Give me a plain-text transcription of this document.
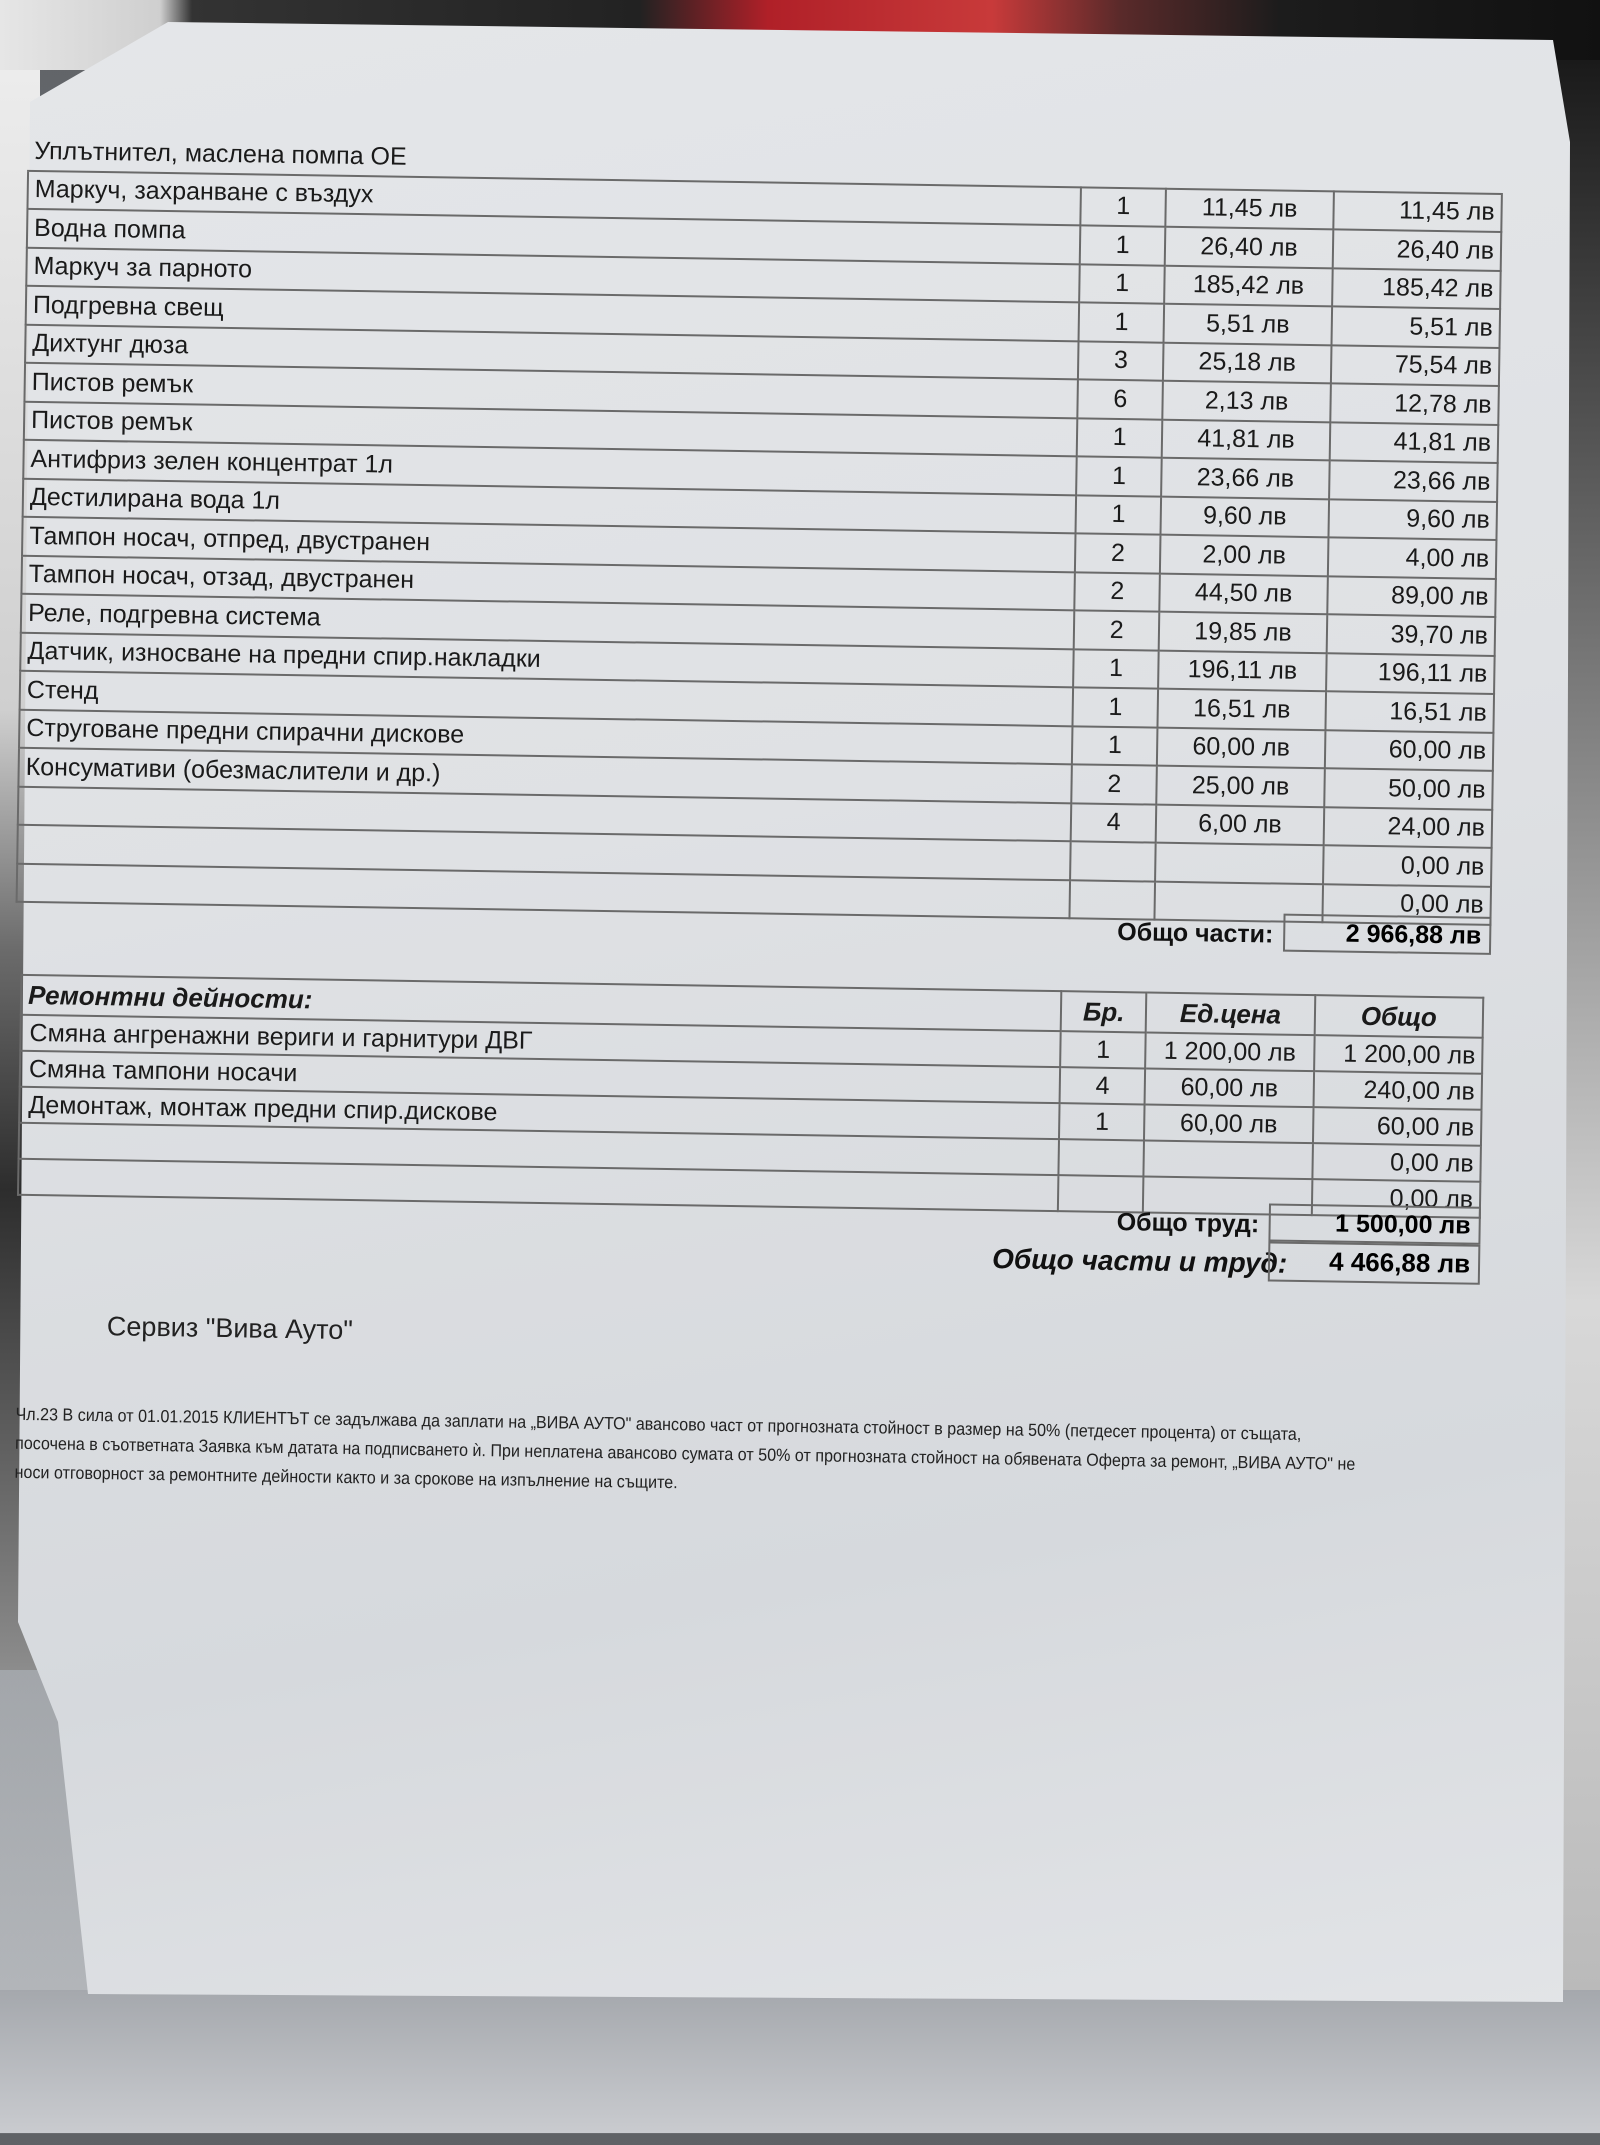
Уплътнител, маслена помпа OE			
Маркуч, захранване с въздух	1	11,45 лв	11,45 лв
Водна помпа	1	26,40 лв	26,40 лв
Маркуч за парното	1	185,42 лв	185,42 лв
Подгревна свещ	1	5,51 лв	5,51 лв
Дихтунг дюза	3	25,18 лв	75,54 лв
Пистов ремък	6	2,13 лв	12,78 лв
Пистов ремък	1	41,81 лв	41,81 лв
Антифриз зелен концентрат 1л	1	23,66 лв	23,66 лв
Дестилирана вода 1л	1	9,60 лв	9,60 лв
Тампон носач, отпред, двустранен	2	2,00 лв	4,00 лв
Тампон носач, отзад, двустранен	2	44,50 лв	89,00 лв
Реле, подгревна система	2	19,85 лв	39,70 лв
Датчик, износване на предни спир.накладки	1	196,11 лв	196,11 лв
Стенд	1	16,51 лв	16,51 лв
Струговане предни спирачни дискове	1	60,00 лв	60,00 лв
Консумативи (обезмаслители и др.)	2	25,00 лв	50,00 лв
	4	6,00 лв	24,00 лв
			0,00 лв
			0,00 лв
Общо части:	2 966,88 лв
Ремонтни дейности:	Бр.	Ед.цена	Общо
Смяна ангренажни вериги и гарнитури ДВГ	1	1 200,00 лв	1 200,00 лв
Смяна тампони носачи	4	60,00 лв	240,00 лв
Демонтаж, монтаж предни спир.дискове	1	60,00 лв	60,00 лв
			0,00 лв
			0,00 лв
Общо труд:	1 500,00 лв
Общо части и труд:	4 466,88 лв
Сервиз "Вива Ауто"
Чл.23 В сила от 01.01.2015 КЛИЕНТЪТ се задължава да заплати на „ВИВА АУТО" авансово част от прогнозната стойност в размер на 50% (петдесет процента) от същата, посочена в съответната Заявка към датата на подписването ѝ. При неплатена авансово сумата от 50% от прогнозната стойност на обявената Оферта за ремонт, „ВИВА АУТО" не носи отговорност за ремонтните дейности както и за срокове на изпълнение на същите.
